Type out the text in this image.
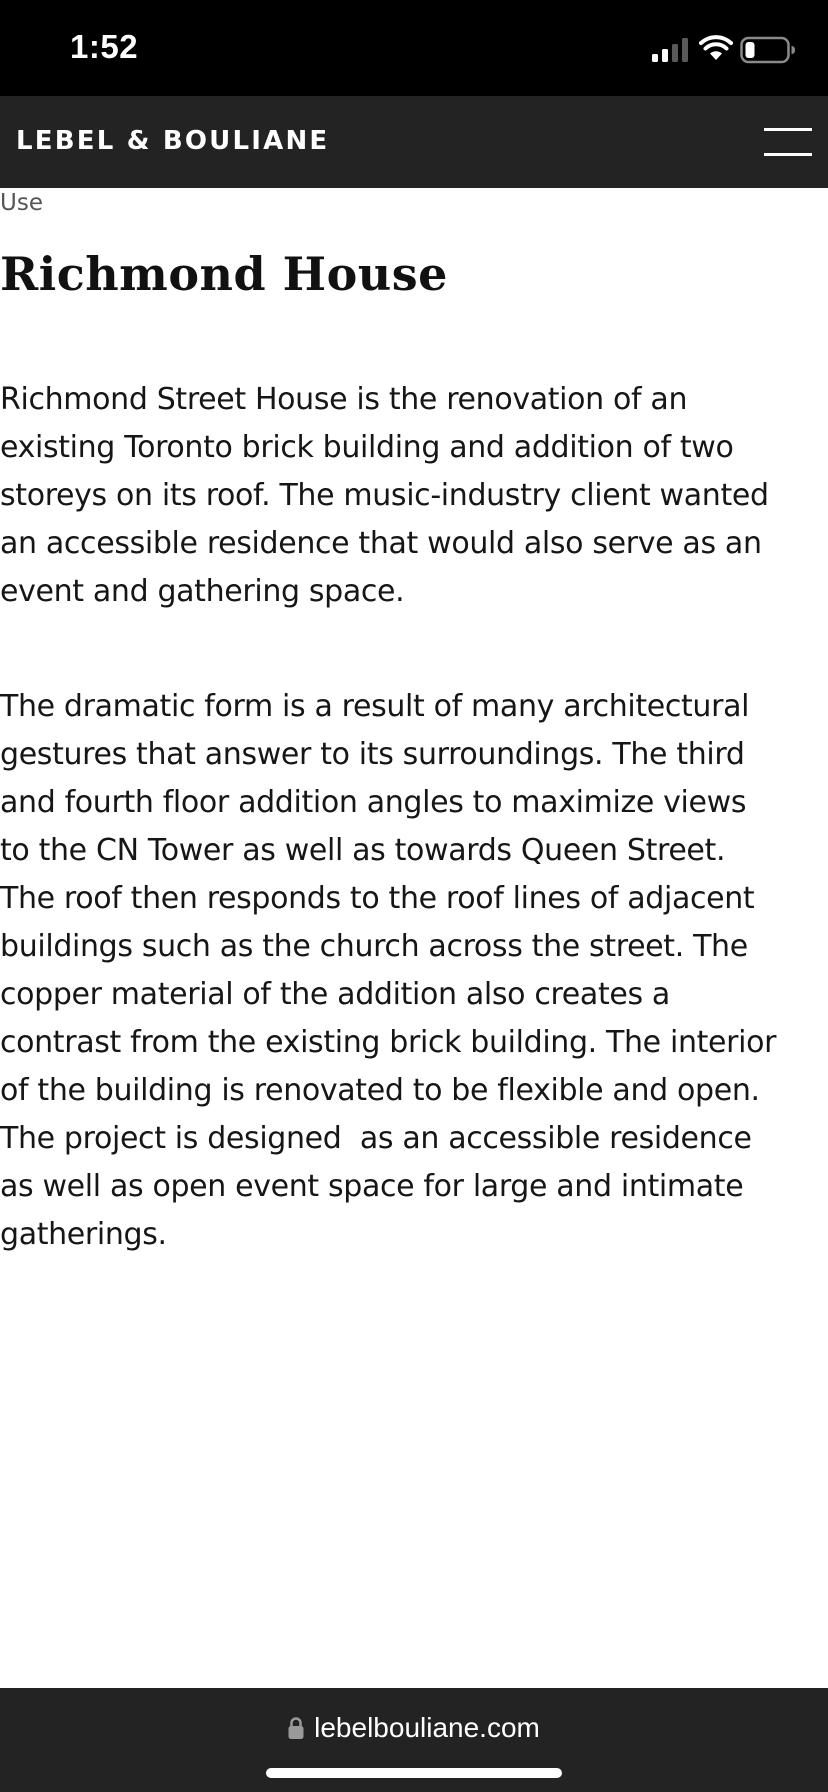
1:52
LEBEL & BOULIANE
Use
Richmond House

Richmond Street House is the renovation of an
existing Toronto brick building and addition of two
storeys on its roof. The music-industry client wanted
an accessible residence that would also serve as an
event and gathering space.

The dramatic form is a result of many architectural
gestures that answer to its surroundings. The third
and fourth floor addition angles to maximize views
to the CN Tower as well as towards Queen Street.
The roof then responds to the roof lines of adjacent
buildings such as the church across the street. The
copper material of the addition also creates a
contrast from the existing brick building. The interior
of the building is renovated to be flexible and open.
The project is designed  as an accessible residence
as well as open event space for large and intimate
gatherings.

lebelbouliane.com
